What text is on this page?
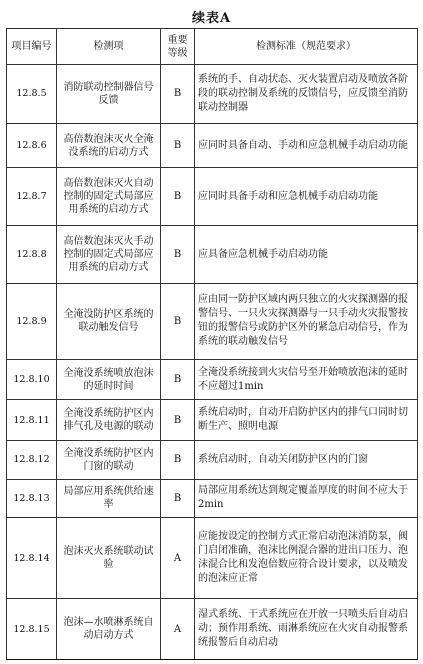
续表A
项目编号	检测项	重要等级	检测标准（规范要求）
12.8.5	消防联动控制器信号反馈	B	系统的手、自动状态、灭火装置启动及喷放各阶段的联动控制及系统的反馈信号，应反馈至消防联动控制器
12.8.6	高倍数泡沫灭火全淹没系统的启动方式	B	应同时具备自动、手动和应急机械手动启动功能
12.8.7	高倍数泡沫灭火自动控制的固定式局部应用系统的启动方式	B	应同时具备手动和应急机械手动启动功能
12.8.8	高倍数泡沫灭火手动控制的固定式局部应用系统的启动方式	B	应具备应急机械手动启动功能
12.8.9	全淹没防护区系统的联动触发信号	B	应由同一防护区域内两只独立的火灾探测器的报警信号、一只火灾探测器与一只手动火灾报警按钮的报警信号或防护区外的紧急启动信号，作为系统的联动触发信号
12.8.10	全淹没系统喷放泡沫的延时时间	B	全淹没系统接到火灾信号至开始喷放泡沫的延时不应超过1min
12.8.11	全淹没系统防护区内排气孔及电源的联动	B	系统启动时，自动开启防护区内的排气口同时切断生产、照明电源
12.8.12	全淹没系统防护区内门窗的联动	B	系统启动时，自动关闭防护区内的门窗
12.8.13	局部应用系统供给速率	B	局部应用系统达到规定覆盖厚度的时间不应大于2min
12.8.14	泡沫灭火系统联动试验	A	应能按设定的控制方式正常启动泡沫消防泵，阀门启闭准确，泡沫比例混合器的进出口压力、泡沫混合比和发泡倍数应符合设计要求，以及喷发的泡沫应正常
12.8.15	泡沫—水喷淋系统自动启动方式	A	湿式系统、干式系统应在开放一只喷头后自动启动；预作用系统、雨淋系统应在火灾自动报警系统报警后自动启动
